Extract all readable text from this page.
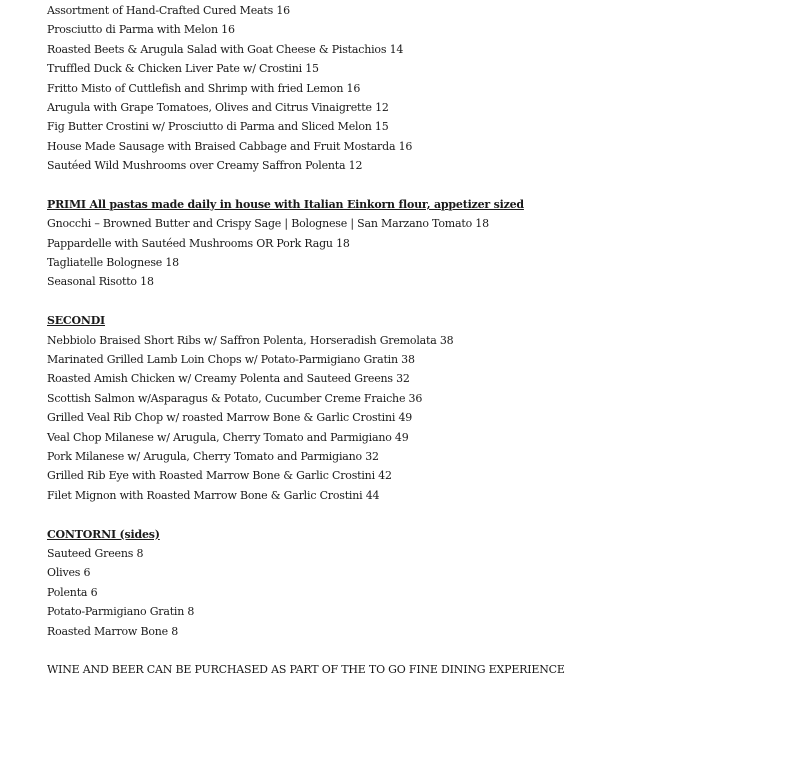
Assortment of Hand-Crafted Cured Meats 16
Prosciutto di Parma with Melon 16
Roasted Beets & Arugula Salad with Goat Cheese & Pistachios 14
Truffled Duck & Chicken Liver Pate w/ Crostini 15
Fritto Misto of Cuttlefish and Shrimp with fried Lemon 16
Arugula with Grape Tomatoes, Olives and Citrus Vinaigrette 12
Fig Butter Crostini w/ Prosciutto di Parma and Sliced Melon 15
House Made Sausage with Braised Cabbage and Fruit Mostarda 16
Sautéed Wild Mushrooms over Creamy Saffron Polenta 12
PRIMI All pastas made daily in house with Italian Einkorn flour, appetizer sized
Gnocchi – Browned Butter and Crispy Sage | Bolognese | San Marzano Tomato 18
Pappardelle with Sautéed Mushrooms OR Pork Ragu 18
Tagliatelle Bolognese 18
Seasonal Risotto 18
SECONDI
Nebbiolo Braised Short Ribs w/ Saffron Polenta, Horseradish Gremolata 38
Marinated Grilled Lamb Loin Chops w/ Potato-Parmigiano Gratin 38
Roasted Amish Chicken w/ Creamy Polenta and Sauteed Greens 32
Scottish Salmon w/Asparagus & Potato, Cucumber Creme Fraiche 36
Grilled Veal Rib Chop w/ roasted Marrow Bone & Garlic Crostini 49
Veal Chop Milanese w/ Arugula, Cherry Tomato and Parmigiano 49
Pork Milanese w/ Arugula, Cherry Tomato and Parmigiano 32
Grilled Rib Eye with Roasted Marrow Bone & Garlic Crostini 42
Filet Mignon with Roasted Marrow Bone & Garlic Crostini 44
CONTORNI (sides)
Sauteed Greens 8
Olives 6
Polenta 6
Potato-Parmigiano Gratin 8
Roasted Marrow Bone 8
WINE AND BEER CAN BE PURCHASED AS PART OF THE TO GO FINE DINING EXPERIENCE
